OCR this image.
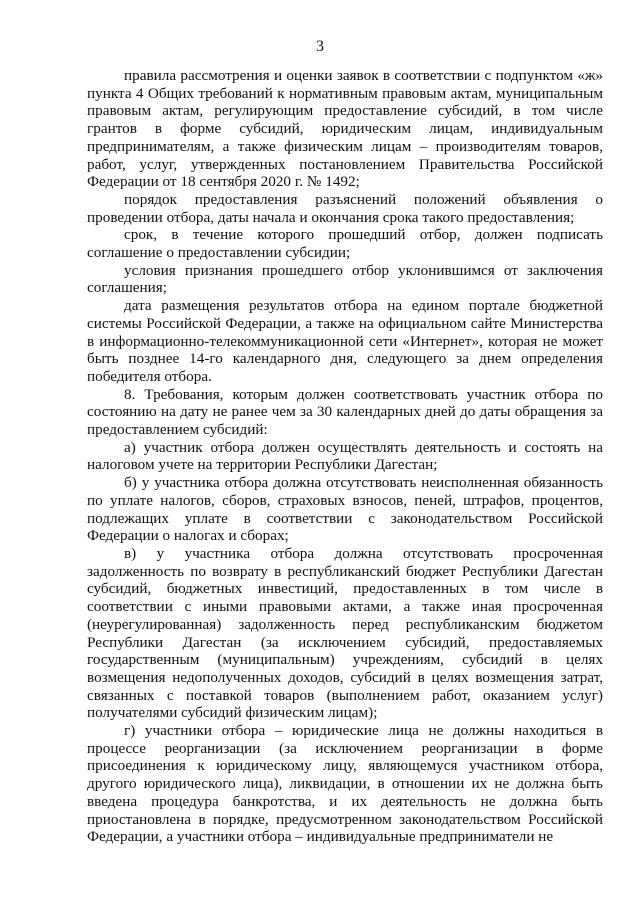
3

правила рассмотрения и оценки заявок в соответствии с подпунктом «ж» пункта 4 Общих требований к нормативным правовым актам, муниципальным правовым актам, регулирующим предоставление субсидий, в том числе грантов в форме субсидий, юридическим лицам, индивидуальным предпринимателям, а также физическим лицам – производителям товаров, работ, услуг, утвержденных постановлением Правительства Российской Федерации от 18 сентября 2020 г. № 1492;

порядок предоставления разъяснений положений объявления о проведении отбора, даты начала и окончания срока такого предоставления;

срок, в течение которого прошедший отбор, должен подписать соглашение о предоставлении субсидии;

условия признания прошедшего отбор уклонившимся от заключения соглашения;

дата размещения результатов отбора на едином портале бюджетной системы Российской Федерации, а также на официальном сайте Министерства в информационно-телекоммуникационной сети «Интернет», которая не может быть позднее 14-го календарного дня, следующего за днем определения победителя отбора.

8. Требования, которым должен соответствовать участник отбора по состоянию на дату не ранее чем за 30 календарных дней до даты обращения за предоставлением субсидий:

а) участник отбора должен осуществлять деятельность и состоять на налоговом учете на территории Республики Дагестан;

б) у участника отбора должна отсутствовать неисполненная обязанность по уплате налогов, сборов, страховых взносов, пеней, штрафов, процентов, подлежащих уплате в соответствии с законодательством Российской Федерации о налогах и сборах;

в) у участника отбора должна отсутствовать просроченная задолженность по возврату в республиканский бюджет Республики Дагестан субсидий, бюджетных инвестиций, предоставленных в том числе в соответствии с иными правовыми актами, а также иная просроченная (неурегулированная) задолженность перед республиканским бюджетом Республики Дагестан (за исключением субсидий, предоставляемых государственным (муниципальным) учреждениям, субсидий в целях возмещения недополученных доходов, субсидий в целях возмещения затрат, связанных с поставкой товаров (выполнением работ, оказанием услуг) получателями субсидий физическим лицам);

г) участники отбора – юридические лица не должны находиться в процессе реорганизации (за исключением реорганизации в форме присоединения к юридическому лицу, являющемуся участником отбора, другого юридического лица), ликвидации, в отношении их не должна быть введена процедура банкротства, и их деятельность не должна быть приостановлена в порядке, предусмотренном законодательством Российской Федерации, а участники отбора – индивидуальные предприниматели не
